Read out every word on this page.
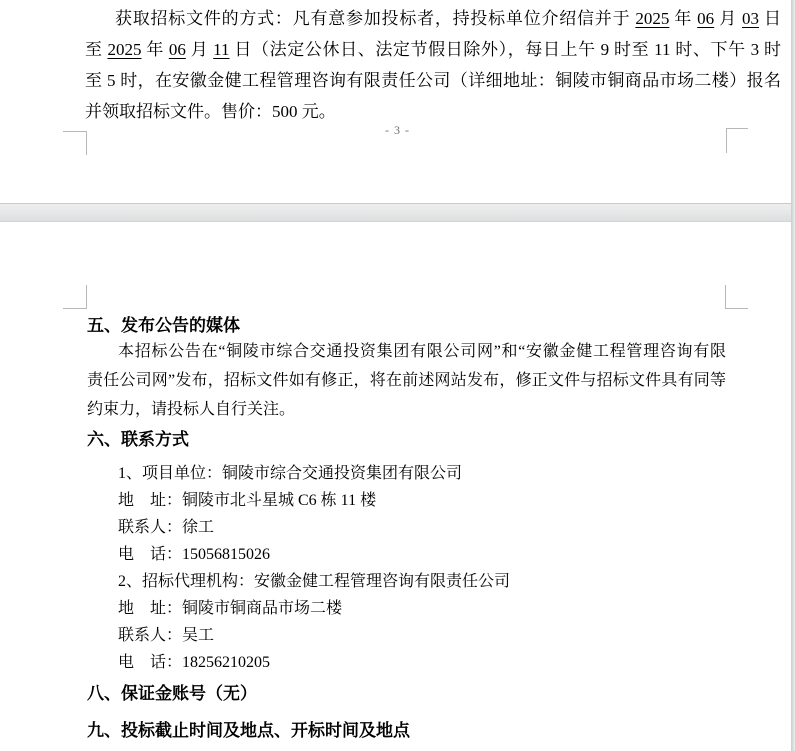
获取招标文件的方式：凡有意参加投标者，持投标单位介绍信并于 2025 年 06 月 03 日
至 2025 年 06 月 11 日（法定公休日、法定节假日除外），每日上午 9 时至 11 时、下午 3 时
至 5 时，在安徽金健工程管理咨询有限责任公司（详细地址：铜陵市铜商品市场二楼）报名
并领取招标文件。售价：500 元。
- 3 -
五、发布公告的媒体
本招标公告在“铜陵市综合交通投资集团有限公司网”和“安徽金健工程管理咨询有限
责任公司网”发布，招标文件如有修正，将在前述网站发布，修正文件与招标文件具有同等
约束力，请投标人自行关注。
六、联系方式
1、项目单位：铜陵市综合交通投资集团有限公司
地　址：铜陵市北斗星城 C6 栋 11 楼
联系人：徐工
电　话：15056815026
2、招标代理机构：安徽金健工程管理咨询有限责任公司
地　址：铜陵市铜商品市场二楼
联系人：吴工
电　话：18256210205
八、保证金账号（无）
九、投标截止时间及地点、开标时间及地点
